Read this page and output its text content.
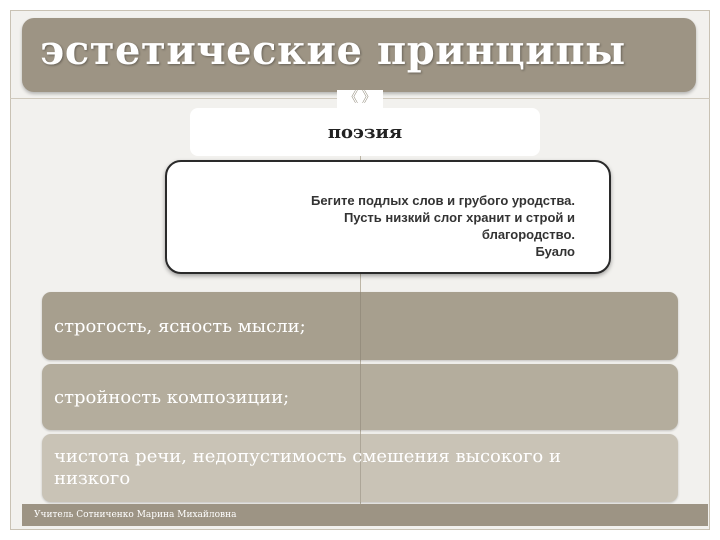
эстетические принципы
《 》
поэзия
Бегите подлых слов и грубого уродства.
Пусть низкий слог хранит и строй и
благородство.
Буало
строгость, ясность мысли;
стройность композиции;
чистота речи, недопустимость смешения высокого и низкого
Учитель Сотниченко Марина Михайловна
